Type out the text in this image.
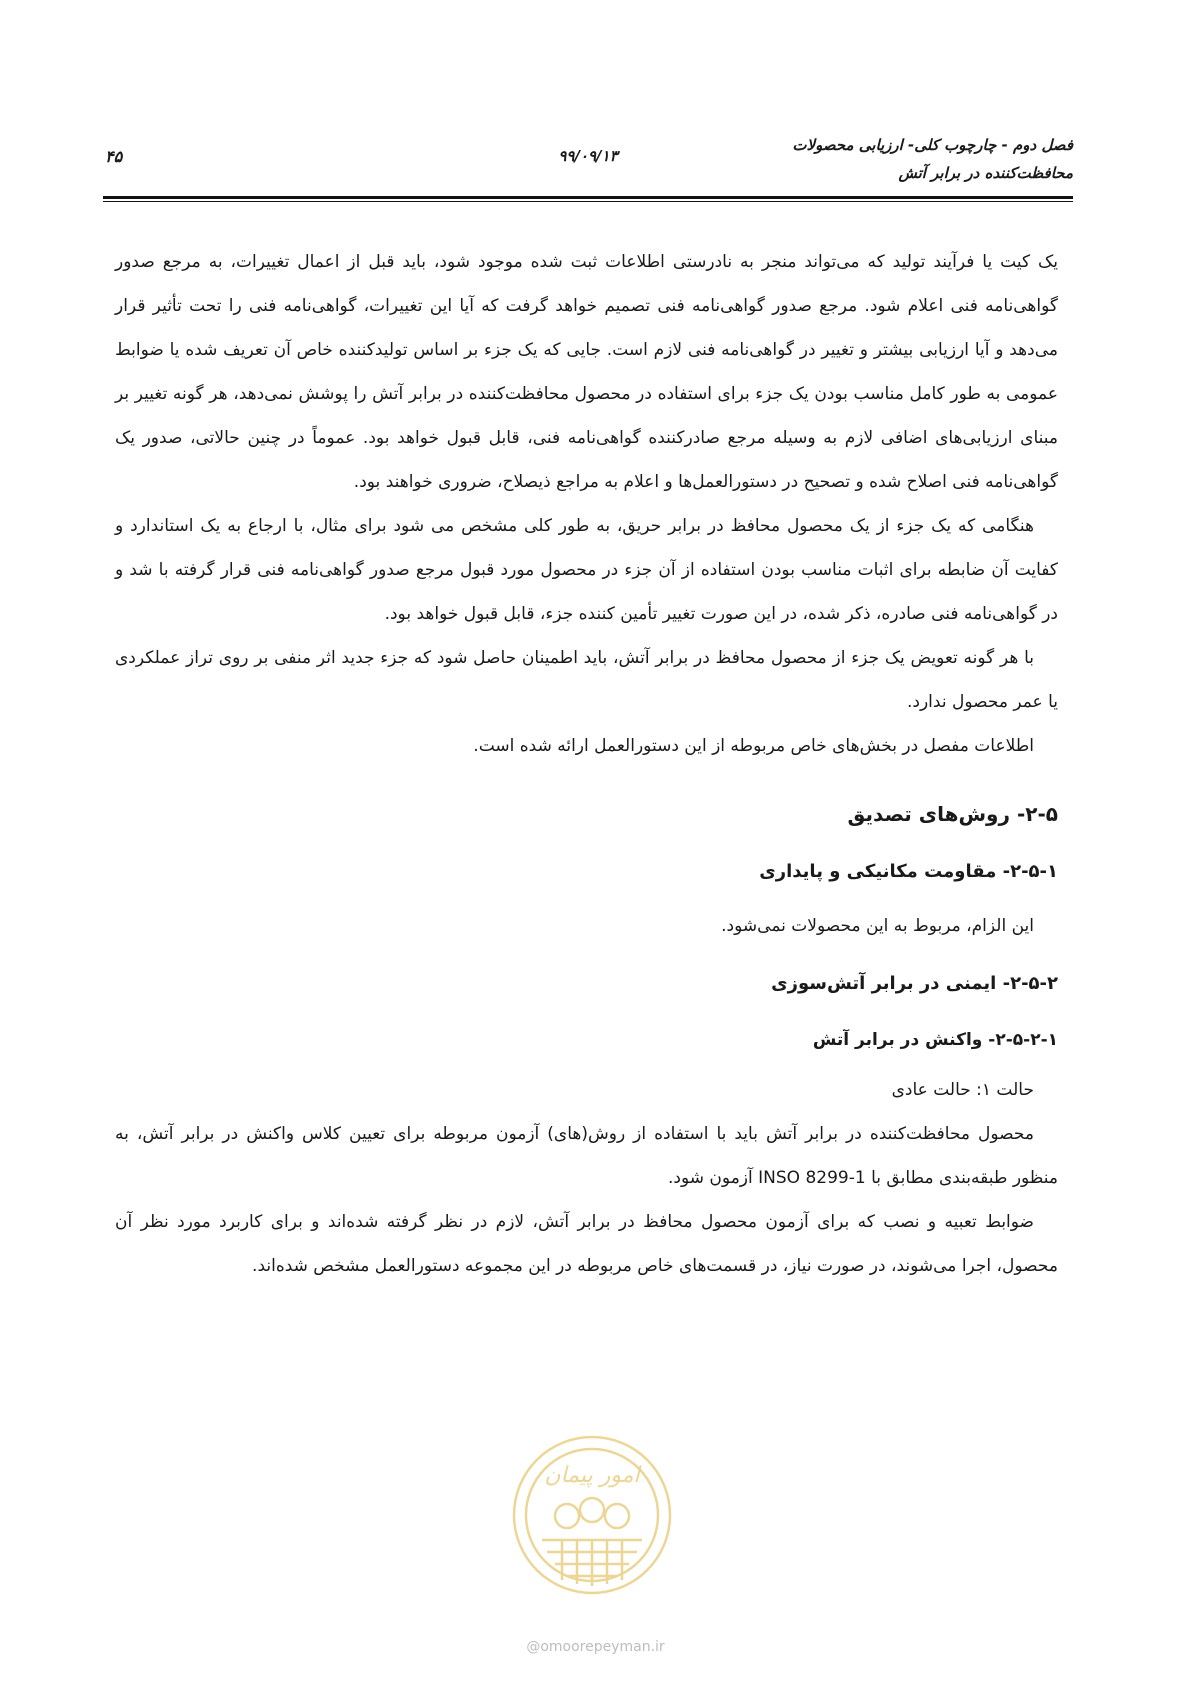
فصل دوم - چارچوب کلی- ارزیابی محصولات
محافظت‌کننده در برابر آتش
۹۹/۰۹/۱۳
۴۵

یک کیت یا فرآیند تولید که می‌تواند منجر به نادرستی اطلاعات ثبت شده موجود شود، باید قبل از اعمال تغییرات، به مرجع صدور گواهی‌نامه فنی اعلام شود. مرجع صدور گواهی‌نامه فنی تصمیم خواهد گرفت که آیا این تغییرات، گواهی‌نامه فنی را تحت تأثیر قرار می‌دهد و آیا ارزیابی بیشتر و تغییر در گواهی‌نامه فنی لازم است. جایی که یک جزء بر اساس تولیدکننده خاص آن تعریف شده یا ضوابط عمومی به طور کامل مناسب بودن یک جزء برای استفاده در محصول محافظت‌کننده در برابر آتش را پوشش نمی‌دهد، هر گونه تغییر بر مبنای ارزیابی‌های اضافی لازم به وسیله مرجع صادرکننده گواهی‌نامه فنی، قابل قبول خواهد بود. عموماً در چنین حالاتی، صدور یک گواهی‌نامه فنی اصلاح شده و تصحیح در دستورالعمل‌ها و اعلام به مراجع ذیصلاح، ضروری خواهند بود.

هنگامی که یک جزء از یک محصول محافظ در برابر حریق، به طور کلی مشخص می شود برای مثال، با ارجاع به یک استاندارد و کفایت آن ضابطه برای اثبات مناسب بودن استفاده از آن جزء در محصول مورد قبول مرجع صدور گواهی‌نامه فنی قرار گرفته با شد و در گواهی‌نامه فنی صادره، ذکر شده، در این صورت تغییر تأمین کننده جزء، قابل قبول خواهد بود.

با هر گونه تعویض یک جزء از محصول محافظ در برابر آتش، باید اطمینان حاصل شود که جزء جدید اثر منفی بر روی تراز عملکردی یا عمر محصول ندارد.

اطلاعات مفصل در بخش‌های خاص مربوطه از این دستورالعمل ارائه شده است.

۲-۵- روش‌های تصدیق
۲-۵-۱- مقاومت مکانیکی و پایداری

این الزام، مربوط به این محصولات نمی‌شود.

۲-۵-۲- ایمنی در برابر آتش‌سوزی
۲-۵-۲-۱- واکنش در برابر آتش

حالت ۱: حالت عادی

محصول محافظت‌کننده در برابر آتش باید با استفاده از روش(های) آزمون مربوطه برای تعیین کلاس واکنش در برابر آتش، به منظور طبقه‌بندی مطابق با INSO 8299-1 آزمون شود.

ضوابط تعبیه و نصب که برای آزمون محصول محافظ در برابر آتش، لازم در نظر گرفته شده‌اند و برای کاربرد مورد نظر آن محصول، اجرا می‌شوند، در صورت نیاز، در قسمت‌های خاص مربوطه در این مجموعه دستورالعمل مشخص شده‌اند.

امور پیمان
@omoorepeyman.ir
